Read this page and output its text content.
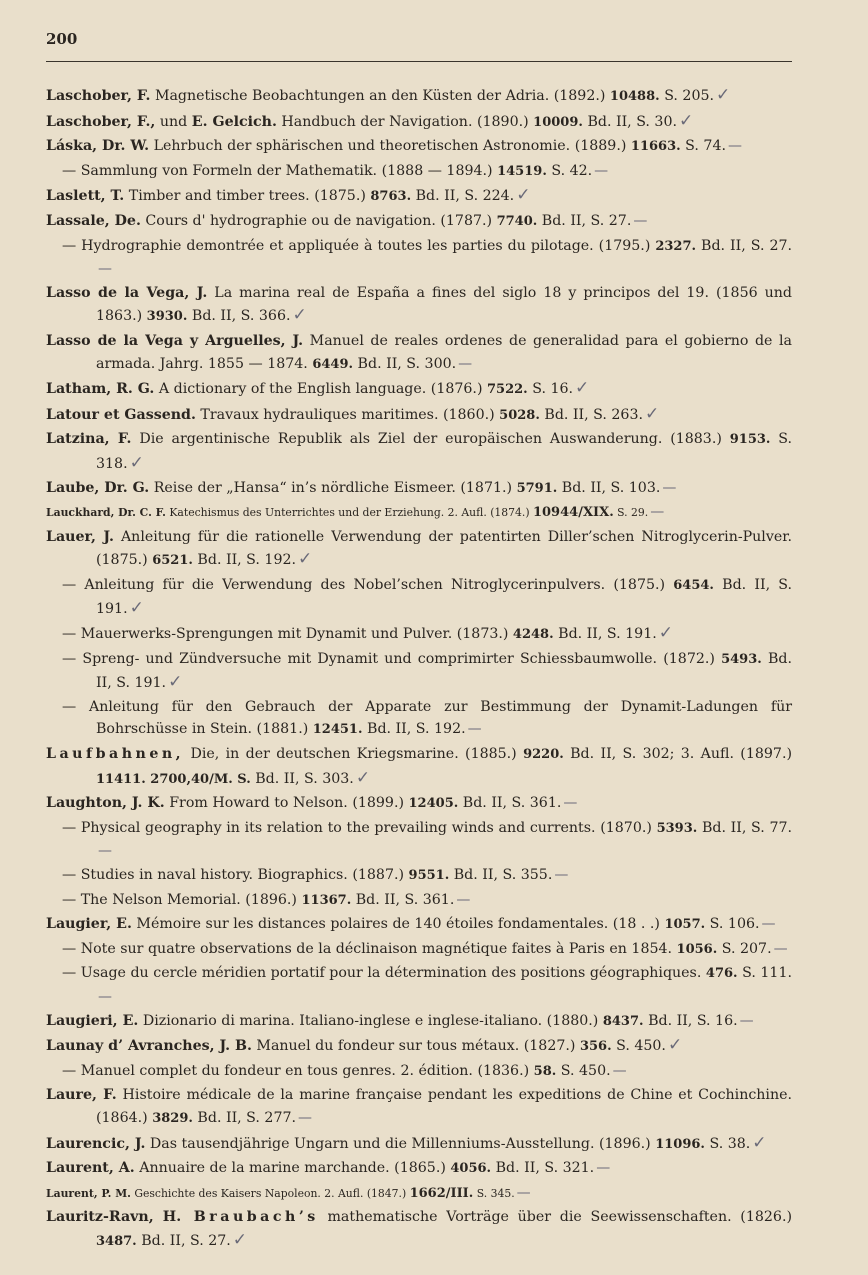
200
Laschober, F. Magnetische Beobachtungen an den Küsten der Adria. (1892.) 10488. S. 205. ✓
Laschober, F., und E. Gelcich. Handbuch der Navigation. (1890.) 10009. Bd. II, S. 30. ✓
Láska, Dr. W. Lehrbuch der sphärischen und theoretischen Astronomie. (1889.) 11663. S. 74. —
— Sammlung von Formeln der Mathematik. (1888 — 1894.) 14519. S. 42. —
Laslett, T. Timber and timber trees. (1875.) 8763. Bd. II, S. 224. ✓
Lassale, De. Cours d' hydrographie ou de navigation. (1787.) 7740. Bd. II, S. 27. —
— Hydrographie demontrée et appliquée à toutes les parties du pilotage. (1795.) 2327. Bd. II, S. 27.—
Lasso de la Vega, J. La marina real de España a fines del siglo 18 y principos del 19. (1856 und 1863.) 3930. Bd. II, S. 366. ✓
Lasso de la Vega y Arguelles, J. Manuel de reales ordenes de generalidad para el gobierno de la armada. Jahrg. 1855 — 1874. 6449. Bd. II, S. 300. —
Latham, R. G. A dictionary of the English language. (1876.) 7522. S. 16. ✓
Latour et Gassend. Travaux hydrauliques maritimes. (1860.) 5028. Bd. II, S. 263. ✓
Latzina, F. Die argentinische Republik als Ziel der europäischen Auswanderung. (1883.) 9153. S. 318. ✓
Laube, Dr. G. Reise der „Hansa“ in’s nördliche Eismeer. (1871.) 5791. Bd. II, S. 103. —
Lauckhard, Dr. C. F. Katechismus des Unterrichtes und der Erziehung. 2. Aufl. (1874.) 10944/XIX. S. 29. —
Lauer, J. Anleitung für die rationelle Verwendung der patentirten Diller’schen Nitroglycerin-Pulver. (1875.) 6521. Bd. II, S. 192. ✓
— Anleitung für die Verwendung des Nobel’schen Nitroglycerinpulvers. (1875.) 6454. Bd. II, S. 191. ✓
— Mauerwerks-Sprengungen mit Dynamit und Pulver. (1873.) 4248. Bd. II, S. 191. ✓
— Spreng- und Zündversuche mit Dynamit und comprimirter Schiessbaumwolle. (1872.) 5493. Bd. II, S. 191. ✓
— Anleitung für den Gebrauch der Apparate zur Bestimmung der Dynamit-Ladungen für Bohrschüsse in Stein. (1881.) 12451. Bd. II, S. 192. —
Laufbahnen, Die, in der deutschen Kriegsmarine. (1885.) 9220. Bd. II, S. 302; 3. Aufl. (1897.) 11411. 2700,40/M. S. Bd. II, S. 303. ✓
Laughton, J. K. From Howard to Nelson. (1899.) 12405. Bd. II, S. 361. —
— Physical geography in its relation to the prevailing winds and currents. (1870.) 5393. Bd. II, S. 77.—
— Studies in naval history. Biographics. (1887.) 9551. Bd. II, S. 355. —
— The Nelson Memorial. (1896.) 11367. Bd. II, S. 361. —
Laugier, E. Mémoire sur les distances polaires de 140 étoiles fondamentales. (18 . .) 1057. S. 106. —
— Note sur quatre observations de la déclinaison magnétique faites à Paris en 1854. 1056. S. 207. —
— Usage du cercle méridien portatif pour la détermination des positions géographiques. 476. S. 111.—
Laugieri, E. Dizionario di marina. Italiano-inglese e inglese-italiano. (1880.) 8437. Bd. II, S. 16. —
Launay d’ Avranches, J. B. Manuel du fondeur sur tous métaux. (1827.) 356. S. 450. ✓
— Manuel complet du fondeur en tous genres. 2. édition. (1836.) 58. S. 450. —
Laure, F. Histoire médicale de la marine française pendant les expeditions de Chine et Cochinchine. (1864.) 3829. Bd. II, S. 277. —
Laurencic, J. Das tausendjährige Ungarn und die Millenniums-Ausstellung. (1896.) 11096. S. 38. ✓
Laurent, A. Annuaire de la marine marchande. (1865.) 4056. Bd. II, S. 321. —
Laurent, P. M. Geschichte des Kaisers Napoleon. 2. Aufl. (1847.) 1662/III. S. 345. —
Lauritz-Ravn, H. Braubach’s mathematische Vorträge über die Seewissenschaften. (1826.) 3487. Bd. II, S. 27. ✓
